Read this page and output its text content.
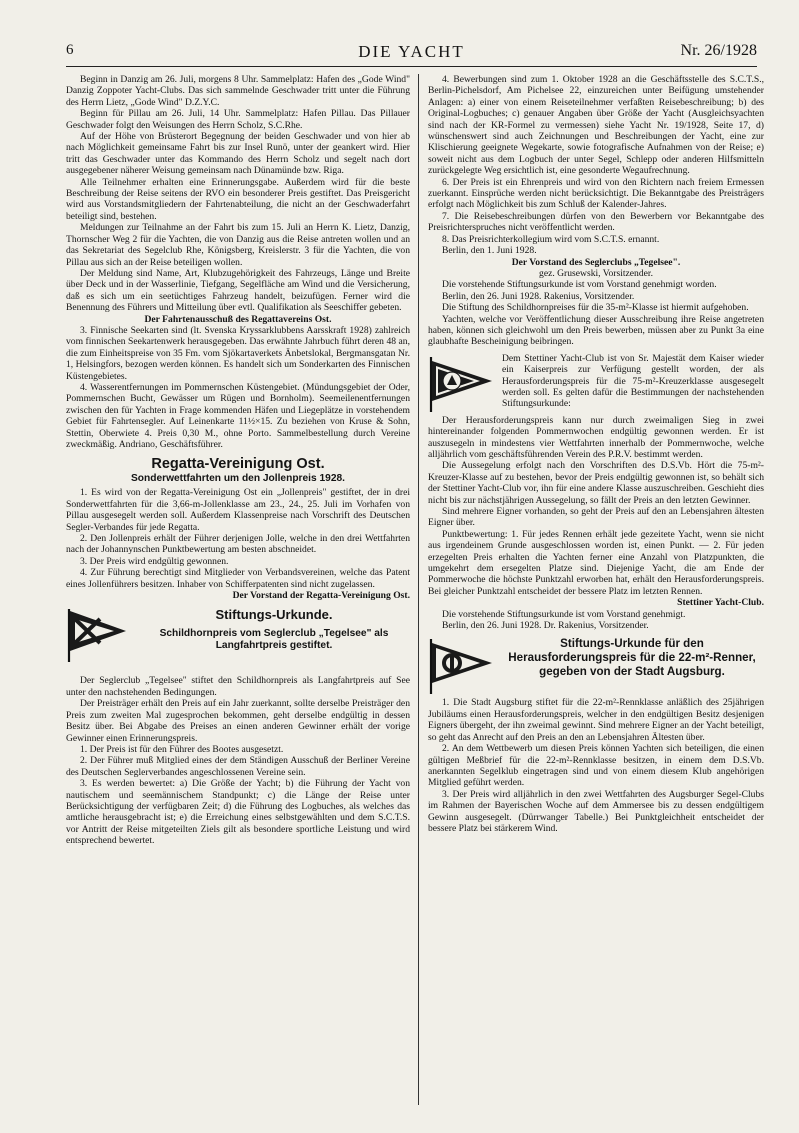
6	DIE YACHT	Nr. 26/1928

Beginn in Danzig am 26. Juli, morgens 8 Uhr. Sammelplatz: Hafen des „Gode Wind" Danzig Zoppoter Yacht-Clubs. Das sich sammelnde Geschwader tritt unter die Führung des Herrn Lietz, „Gode Wind" D.Z.Y.C.

Beginn für Pillau am 26. Juli, 14 Uhr. Sammelplatz: Hafen Pillau. Das Pillauer Geschwader folgt den Weisungen des Herrn Scholz, S.C.Rhe.

Auf der Höhe von Brüsterort Begegnung der beiden Geschwader und von hier ab nach Möglichkeit gemeinsame Fahrt bis zur Insel Runö, unter der geankert wird. Hier tritt das Geschwader unter das Kommando des Herrn Scholz und segelt nach dort ausgegebener näherer Weisung gemeinsam nach Dünamünde bzw. Riga.

Alle Teilnehmer erhalten eine Erinnerungsgabe. Außerdem wird für die beste Beschreibung der Reise seitens der RVO ein besonderer Preis gestiftet. Das Preisgericht wird aus Vorstandsmitgliedern der Fahrtenabteilung, die nicht an der Geschwaderfahrt beteiligt sind, bestehen.

Meldungen zur Teilnahme an der Fahrt bis zum 15. Juli an Herrn K. Lietz, Danzig, Thornscher Weg 2 für die Yachten, die von Danzig aus die Reise antreten wollen und an das Sekretariat des Segelclub Rhe, Königsberg, Kreislerstr. 3 für die Yachten, die von Pillau aus sich an der Reise beteiligen wollen.

Der Meldung sind Name, Art, Klubzugehörigkeit des Fahrzeugs, Länge und Breite über Deck und in der Wasserlinie, Tiefgang, Segelfläche am Wind und die Versicherung, daß es sich um ein seetüchtiges Fahrzeug handelt, beizufügen. Ferner wird die Benennung des Führers und Mitteilung über evtl. Qualifikation als Seeschiffer gebeten.

Der Fahrtenausschuß des Regattavereins Ost.

3. Finnische Seekarten sind (lt. Svenska Kryssarklubbens Aarsskraft 1928) zahlreich vom finnischen Seekartenwerk herausgegeben. Das erwähnte Jahrbuch führt deren 48 an, die zum Einheitspreise von 35 Fm. vom Sjökartaverkets Änbetslokal, Bergmansgatan Nr. 1, Helsingfors, bezogen werden können. Es handelt sich um Sonderkarten des Finnischen Küstengebietes.

4. Wasserentfernungen im Pommernschen Küstengebiet. (Mündungsgebiet der Oder, Pommernschen Bucht, Gewässer um Rügen und Bornholm). Seemeilenentfernungen zwischen den für Yachten in Frage kommenden Häfen und Liegeplätze in vorstehendem Gebiet für Fahrtensegler. Auf Leinenkarte 11½×15. Zu beziehen von Kruse & Sohn, Stettin, Oberwiete 4. Preis 0,30 M., ohne Porto. Sammelbestellung durch Vereine zweckmäßig. Andriano, Geschäftsführer.

Regatta-Vereinigung Ost.
Sonderwettfahrten um den Jollenpreis 1928.

1. Es wird von der Regatta-Vereinigung Ost ein „Jollenpreis" gestiftet, der in drei Sonderwettfahrten für die 3,66-m-Jollenklasse am 23., 24., 25. Juli im Vorhafen von Pillau ausgesegelt werden soll. Außerdem Klassenpreise nach Vorschrift des Deutschen Segler-Verbandes für jede Regatta.

2. Den Jollenpreis erhält der Führer derjenigen Jolle, welche in den drei Wettfahrten nach der Johannynschen Punktbewertung am besten abschneidet.

3. Der Preis wird endgültig gewonnen.

4. Zur Führung berechtigt sind Mitglieder von Verbandsvereinen, welche das Patent eines Jollenführers besitzen. Inhaber von Schifferpatenten sind nicht zugelassen.

Der Vorstand der Regatta-Vereinigung Ost.

Stiftungs-Urkunde.
Schildhornpreis vom Seglerclub „Tegelsee" als Langfahrtpreis gestiftet.

Der Seglerclub „Tegelsee" stiftet den Schildhornpreis als Langfahrtpreis auf See unter den nachstehenden Bedingungen.

Der Preisträger erhält den Preis auf ein Jahr zuerkannt, sollte derselbe Preisträger den Preis zum zweiten Mal zugesprochen bekommen, geht derselbe endgültig in dessen Besitz über. Bei Abgabe des Preises an einen anderen Gewinner erhält der vorige Gewinner einen Erinnerungspreis.

1. Der Preis ist für den Führer des Bootes ausgesetzt.

2. Der Führer muß Mitglied eines der dem Ständigen Ausschuß der Berliner Vereine des Deutschen Seglerverbandes angeschlossenen Vereine sein.

3. Es werden bewertet: a) Die Größe der Yacht; b) die Führung der Yacht von nautischem und seemännischem Standpunkt; c) die Länge der Reise unter Berücksichtigung der verfügbaren Zeit; d) die Führung des Logbuches, als welches das amtliche herausgebracht ist; e) die Erreichung eines selbstgewählten und dem S.C.T.S. vor Antritt der Reise mitgeteilten Ziels gilt als besondere sportliche Leistung und wird entsprechend bewertet.

4. Bewerbungen sind zum 1. Oktober 1928 an die Geschäftsstelle des S.C.T.S., Berlin-Pichelsdorf, Am Pichelsee 22, einzureichen unter Beifügung umstehender Anlagen: a) einer von einem Reiseteilnehmer verfaßten Reisebeschreibung; b) des Original-Logbuches; c) genauer Angaben über Größe der Yacht (Ausgleichsyachten sind nach der KR-Formel zu vermessen) siehe Yacht Nr. 19/1928, Seite 17, d) wünschenswert sind auch Zeichnungen und Beschreibungen der Yacht, eine zur Klischierung geeignete Wegekarte, sowie fotografische Aufnahmen von der Reise; e) soweit nicht aus dem Logbuch der unter Segel, Schlepp oder anderen Hilfsmitteln zurückgelegte Weg ersichtlich ist, eine gesonderte Wegaufrechnung.

6. Der Preis ist ein Ehrenpreis und wird von den Richtern nach freiem Ermessen zuerkannt. Einsprüche werden nicht berücksichtigt. Die Bekanntgabe des Preisträgers erfolgt nach Möglichkeit bis zum Schluß der Kalender-Jahres.

7. Die Reisebeschreibungen dürfen von den Bewerbern vor Bekanntgabe des Preisrichterspruches nicht veröffentlicht werden.

8. Das Preisrichterkollegium wird vom S.C.T.S. ernannt.

Berlin, den 1. Juni 1928.

Der Vorstand des Seglerclubs „Tegelsee".

gez. Grusewski, Vorsitzender.

Die vorstehende Stiftungsurkunde ist vom Vorstand genehmigt worden.

Berlin, den 26. Juni 1928. Rakenius, Vorsitzender.

Die Stiftung des Schildhornpreises für die 35-m²-Klasse ist hiermit aufgehoben.

Yachten, welche vor Veröffentlichung dieser Ausschreibung ihre Reise angetreten haben, können sich gleichwohl um den Preis bewerben, müssen aber zu Punkt 3a eine glaubhafte Bescheinigung beibringen.

Dem Stettiner Yacht-Club ist von Sr. Majestät dem Kaiser wieder ein Kaiserpreis zur Verfügung gestellt worden, der als Herausforderungspreis für die 75-m²-Kreuzerklasse ausgesegelt werden soll. Es gelten dafür die Bestimmungen der nachstehenden Stiftungsurkunde:

Der Herausforderungspreis kann nur durch zweimaligen Sieg in zwei hintereinander folgenden Pommernwochen endgültig gewonnen werden. Er ist auszusegeln in mindestens vier Wettfahrten innerhalb der Pommernwoche, welche alljährlich vom geschäftsführenden Verein des P.R.V. bestimmt werden.

Die Aussegelung erfolgt nach den Vorschriften des D.S.Vb. Hört die 75-m²-Kreuzer-Klasse auf zu bestehen, bevor der Preis endgültig gewonnen ist, so behält sich der Stettiner Yacht-Club vor, ihn für eine andere Klasse auszuschreiben. Geschieht dies nicht bis zur nächstjährigen Aussegelung, so fällt der Preis an den letzten Gewinner.

Sind mehrere Eigner vorhanden, so geht der Preis auf den an Lebensjahren ältesten Eigner über.

Punktbewertung: 1. Für jedes Rennen erhält jede gezeitete Yacht, wenn sie nicht aus irgendeinem Grunde ausgeschlossen worden ist, einen Punkt. — 2. Für jeden erzegelten Preis erhalten die Yachten ferner eine Anzahl von Platzpunkten, die umgekehrt dem ersegelten Platze sind. Diejenige Yacht, die am Ende der Pommerwoche die höchste Punktzahl erworben hat, erhält den Herausforderungspreis. Bei gleicher Punktzahl entscheidet der bessere Platz im letzten Rennen.

Stettiner Yacht-Club.

Die vorstehende Stiftungsurkunde ist vom Vorstand genehmigt.

Berlin, den 26. Juni 1928. Dr. Rakenius, Vorsitzender.

Stiftungs-Urkunde für den Herausforderungspreis für die 22-m²-Renner, gegeben von der Stadt Augsburg.

1. Die Stadt Augsburg stiftet für die 22-m²-Rennklasse anläßlich des 25jährigen Jubiläums einen Herausforderungspreis, welcher in den endgültigen Besitz desjenigen Eigners übergeht, der ihn zweimal gewinnt. Sind mehrere Eigner an der Yacht beteiligt, so geht das Anrecht auf den Preis an den an Lebensjahren Ältesten über.

2. An dem Wettbewerb um diesen Preis können Yachten sich beteiligen, die einen gültigen Meßbrief für die 22-m²-Rennklasse besitzen, in einem dem D.S.Vb. anerkannten Segelklub eingetragen sind und von einem diesem Klub angehörigen Mitglied geführt werden.

3. Der Preis wird alljährlich in den zwei Wettfahrten des Augsburger Segel-Clubs im Rahmen der Bayerischen Woche auf dem Ammersee bis zu dessen endgültigem Gewinn ausgesegelt. (Dürrwanger Tabelle.) Bei Punktgleichheit entscheidet der bessere Platz bei stärkerem Wind.
